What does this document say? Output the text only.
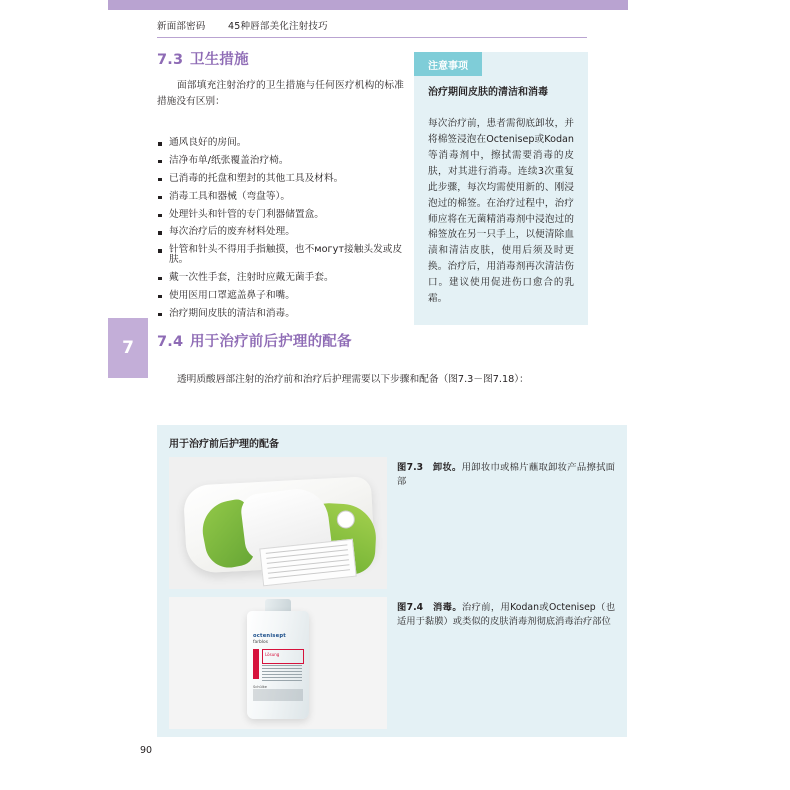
7
新面部密码 45种唇部美化注射技巧
7.3 卫生措施
面部填充注射治疗的卫生措施与任何医疗机构的标准措施没有区别：
通风良好的房间。
洁净布单/纸张覆盖治疗椅。
已消毒的托盘和塑封的其他工具及材料。
消毒工具和器械（弯盘等）。
处理针头和针管的专门利器储置盒。
每次治疗后的废弃材料处理。
针管和针头不得用手指触摸，也不могут接触头发或皮肤。
戴一次性手套，注射时应戴无菌手套。
使用医用口罩遮盖鼻子和嘴。
治疗期间皮肤的清洁和消毒。
7.4 用于治疗前后护理的配备
透明质酸唇部注射的治疗前和治疗后护理需要以下步骤和配备（图7.3－图7.18）：
治疗期间皮肤的清洁和消毒
每次治疗前，患者需彻底卸妆，并将棉签浸泡在Octenisep或Kodan等消毒剂中，擦拭需要消毒的皮肤，对其进行消毒。连续3次重复此步骤，每次均需使用新的、刚浸泡过的棉签。在治疗过程中，治疗师应将在无菌精消毒剂中浸泡过的棉签放在另一只手上，以便清除血渍和清洁皮肤，使用后须及时更换。治疗后，用消毒剂再次清洁伤口。建议使用促进伤口愈合的乳霜。
注意事项
用于治疗前后护理的配备
Schülke
octenisept
farblos
Lösung
图7.3 卸妆。用卸妆巾或棉片蘸取卸妆产品擦拭面部
图7.4 消毒。治疗前，用Kodan或Octenisep（也适用于黏膜）或类似的皮肤消毒剂彻底消毒治疗部位
90
